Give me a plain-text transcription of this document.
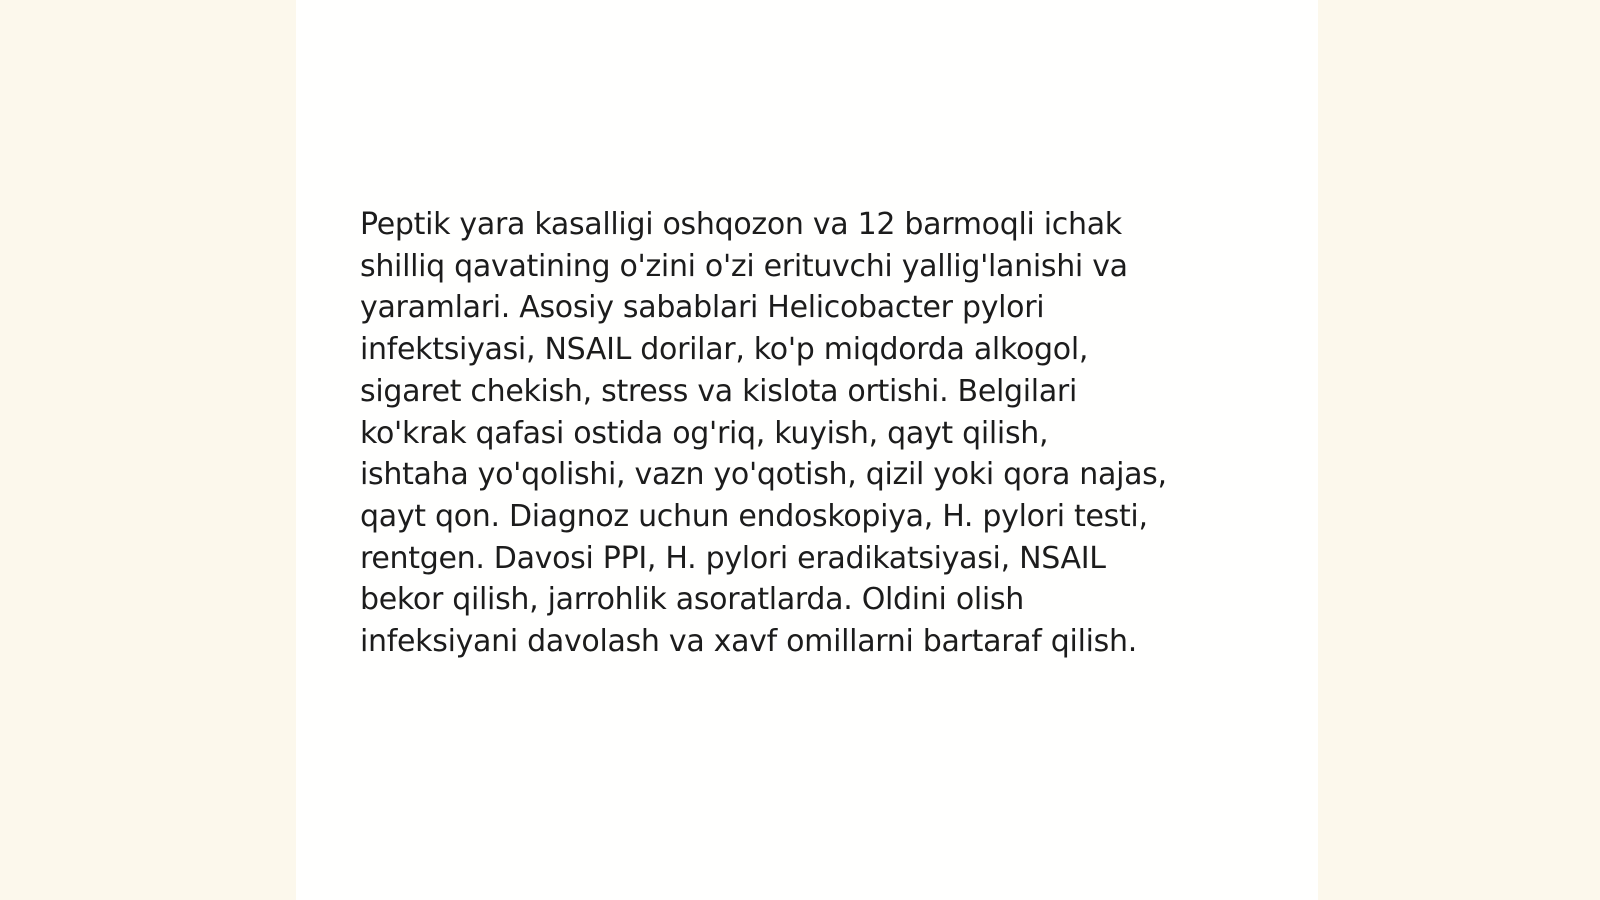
Peptik yara kasalligi oshqozon va 12 barmoqli ichak
shilliq qavatining o'zini o'zi erituvchi yallig'lanishi va
yaramlari. Asosiy sabablari Helicobacter pylori
infektsiyasi, NSAIL dorilar, ko'p miqdorda alkogol,
sigaret chekish, stress va kislota ortishi. Belgilari
ko'krak qafasi ostida og'riq, kuyish, qayt qilish,
ishtaha yo'qolishi, vazn yo'qotish, qizil yoki qora najas,
qayt qon. Diagnoz uchun endoskopiya, H. pylori testi,
rentgen. Davosi PPI, H. pylori eradikatsiyasi, NSAIL
bekor qilish, jarrohlik asoratlarda. Oldini olish
infeksiyani davolash va xavf omillarni bartaraf qilish.
